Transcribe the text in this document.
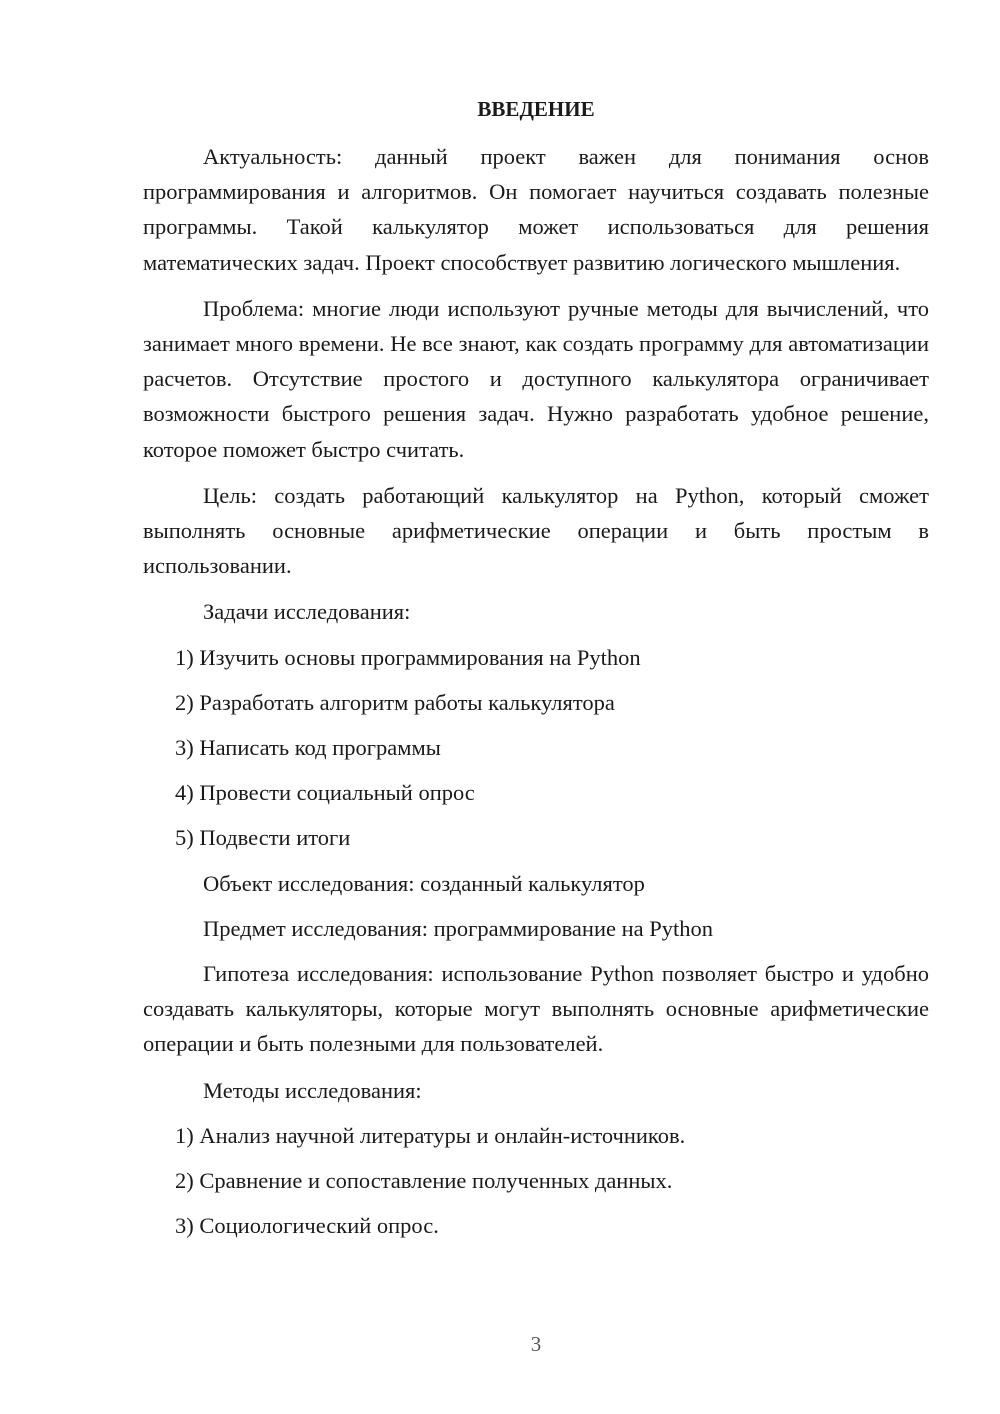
ВВЕДЕНИЕ

Актуальность: данный проект важен для понимания основ программирования и алгоритмов. Он помогает научиться создавать полезные программы. Такой калькулятор может использоваться для решения математических задач. Проект способствует развитию логического мышления.

Проблема: многие люди используют ручные методы для вычислений, что занимает много времени. Не все знают, как создать программу для автоматизации расчетов. Отсутствие простого и доступного калькулятора ограничивает возможности быстрого решения задач. Нужно разработать удобное решение, которое поможет быстро считать.

Цель: создать работающий калькулятор на Python, который сможет выполнять основные арифметические операции и быть простым в использовании.

Задачи исследования:

1) Изучить основы программирования на Python
2) Разработать алгоритм работы калькулятора
3) Написать код программы
4) Провести социальный опрос
5) Подвести итоги

Объект исследования: созданный калькулятор

Предмет исследования: программирование на Python

Гипотеза исследования: использование Python позволяет быстро и удобно создавать калькуляторы, которые могут выполнять основные арифметические операции и быть полезными для пользователей.

Методы исследования:

1) Анализ научной литературы и онлайн-источников.
2) Сравнение и сопоставление полученных данных.
3) Социологический опрос.
3
